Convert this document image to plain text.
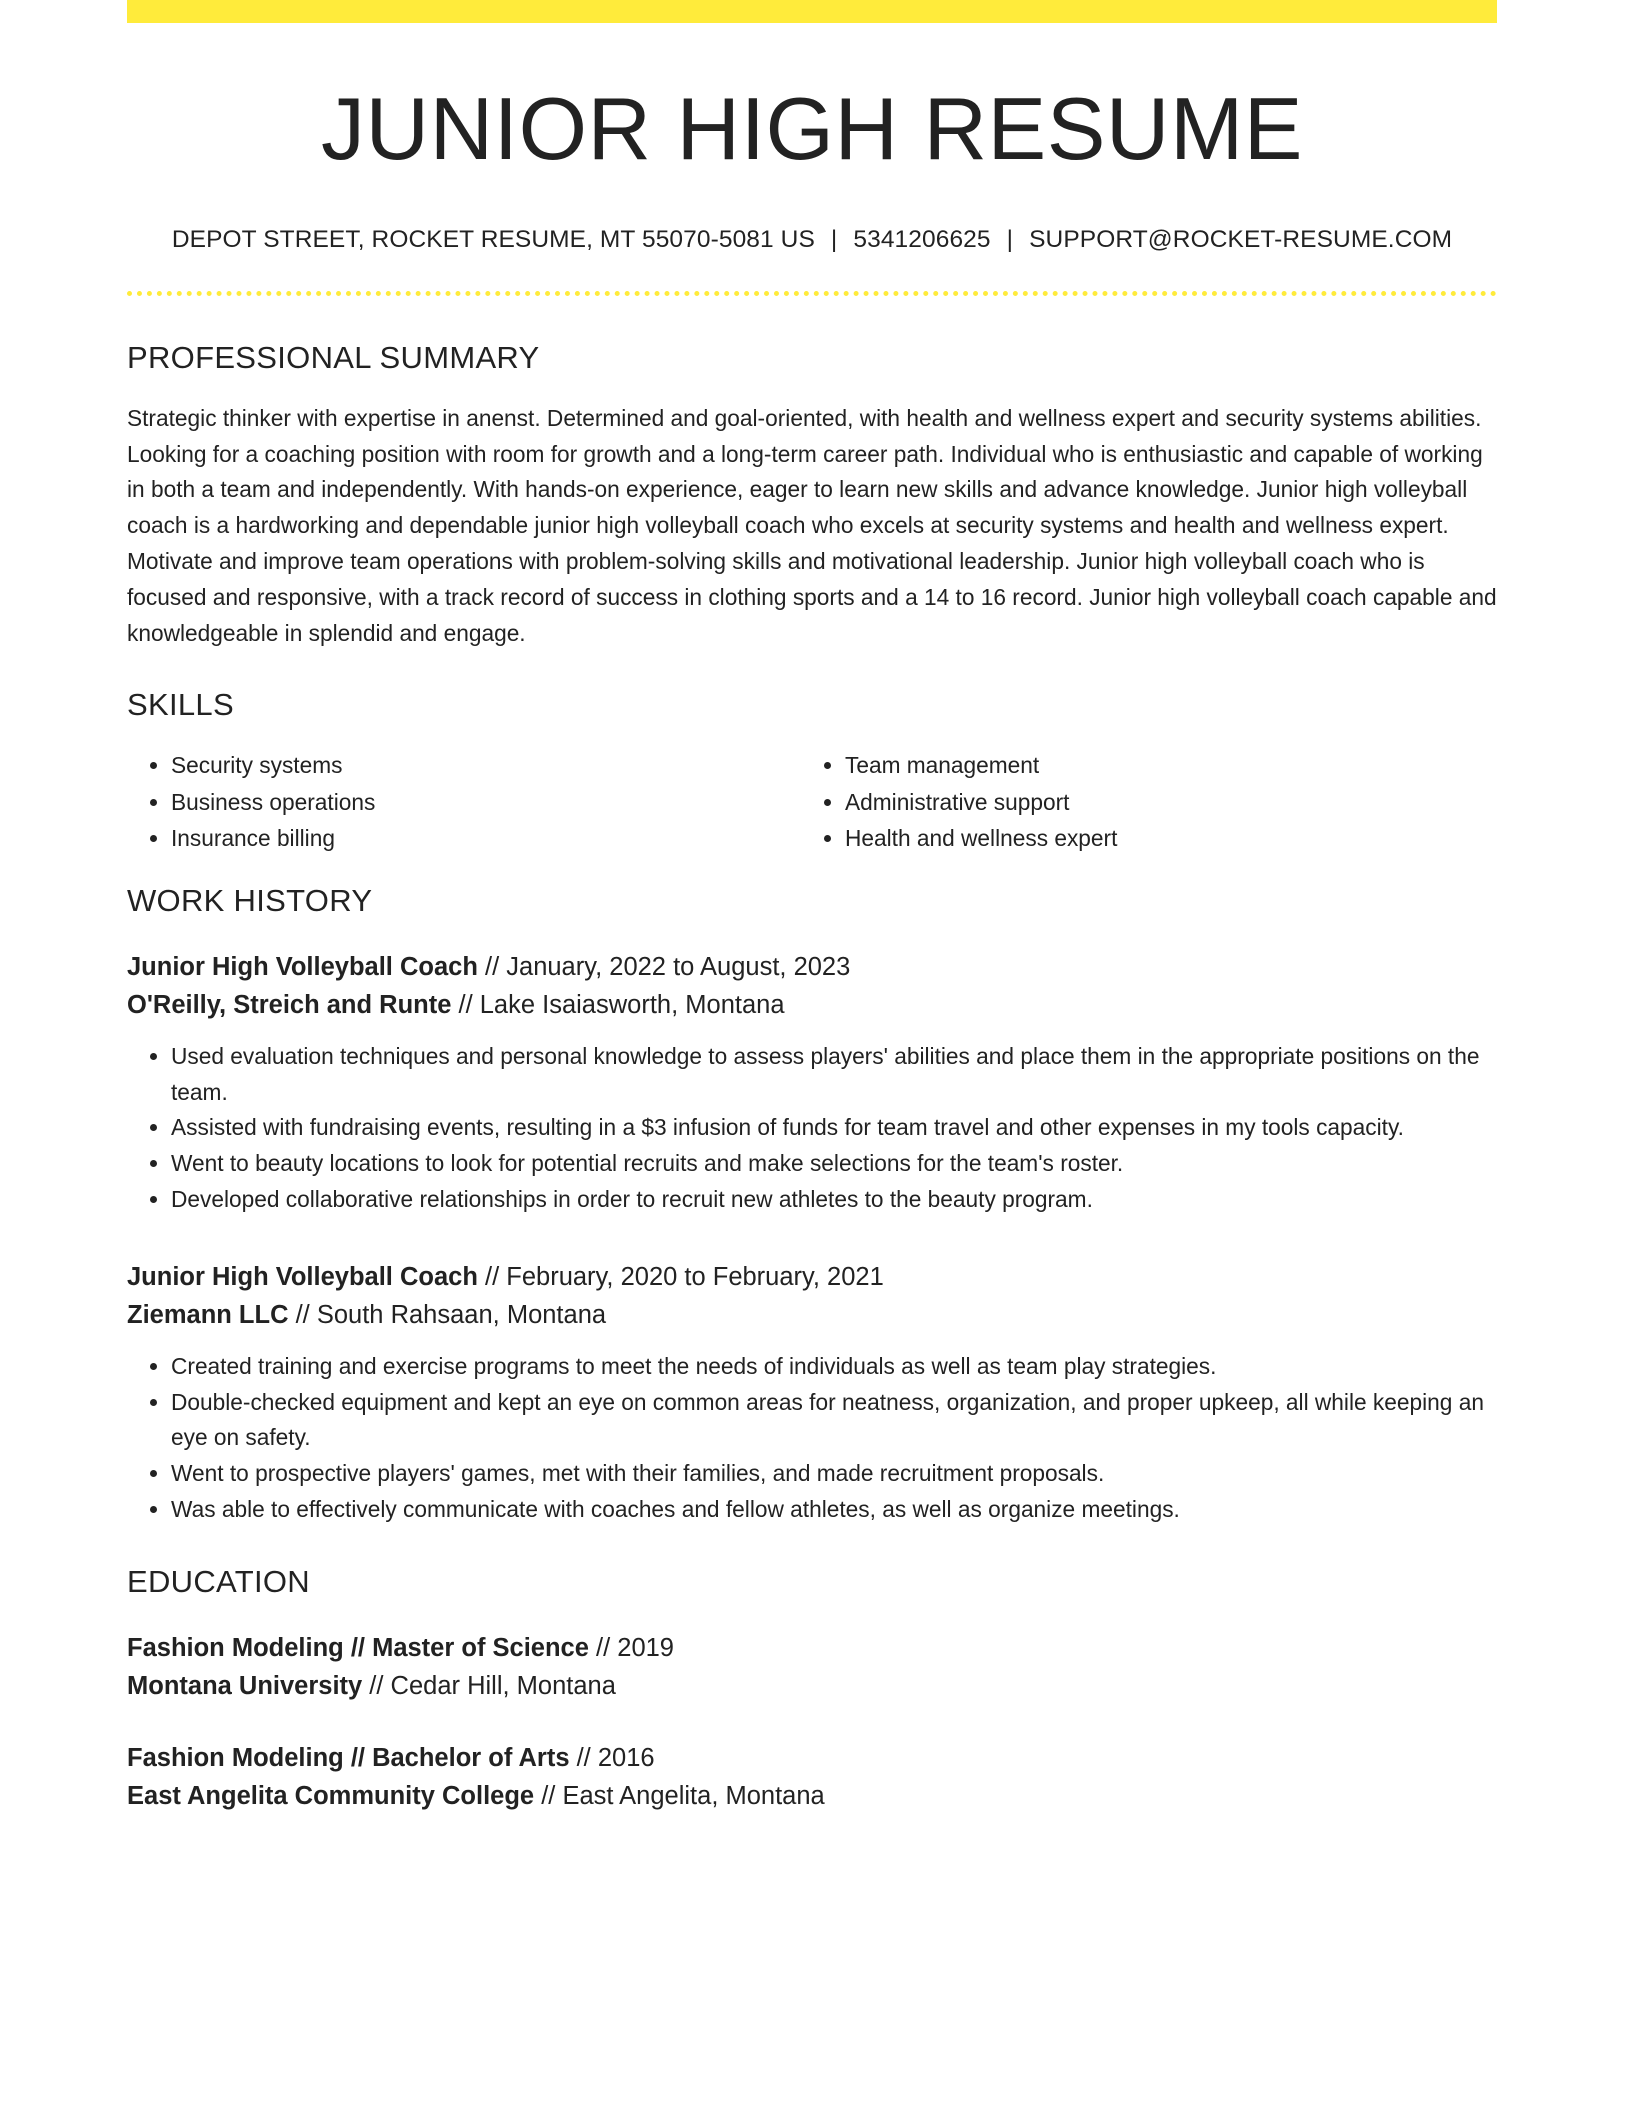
JUNIOR HIGH RESUME
DEPOT STREET, ROCKET RESUME, MT 55070-5081 US | 5341206625 | SUPPORT@ROCKET-RESUME.COM
PROFESSIONAL SUMMARY
Strategic thinker with expertise in anenst. Determined and goal-oriented, with health and wellness expert and security systems abilities. Looking for a coaching position with room for growth and a long-term career path. Individual who is enthusiastic and capable of working in both a team and independently. With hands-on experience, eager to learn new skills and advance knowledge. Junior high volleyball coach is a hardworking and dependable junior high volleyball coach who excels at security systems and health and wellness expert. Motivate and improve team operations with problem-solving skills and motivational leadership. Junior high volleyball coach who is focused and responsive, with a track record of success in clothing sports and a 14 to 16 record. Junior high volleyball coach capable and knowledgeable in splendid and engage.
SKILLS
• Security systems
• Business operations
• Insurance billing
• Team management
• Administrative support
• Health and wellness expert
WORK HISTORY
Junior High Volleyball Coach // January, 2022 to August, 2023
O'Reilly, Streich and Runte // Lake Isaiasworth, Montana
• Used evaluation techniques and personal knowledge to assess players' abilities and place them in the appropriate positions on the team.
• Assisted with fundraising events, resulting in a $3 infusion of funds for team travel and other expenses in my tools capacity.
• Went to beauty locations to look for potential recruits and make selections for the team's roster.
• Developed collaborative relationships in order to recruit new athletes to the beauty program.
Junior High Volleyball Coach // February, 2020 to February, 2021
Ziemann LLC // South Rahsaan, Montana
• Created training and exercise programs to meet the needs of individuals as well as team play strategies.
• Double-checked equipment and kept an eye on common areas for neatness, organization, and proper upkeep, all while keeping an eye on safety.
• Went to prospective players' games, met with their families, and made recruitment proposals.
• Was able to effectively communicate with coaches and fellow athletes, as well as organize meetings.
EDUCATION
Fashion Modeling // Master of Science // 2019
Montana University // Cedar Hill, Montana
Fashion Modeling // Bachelor of Arts // 2016
East Angelita Community College // East Angelita, Montana
